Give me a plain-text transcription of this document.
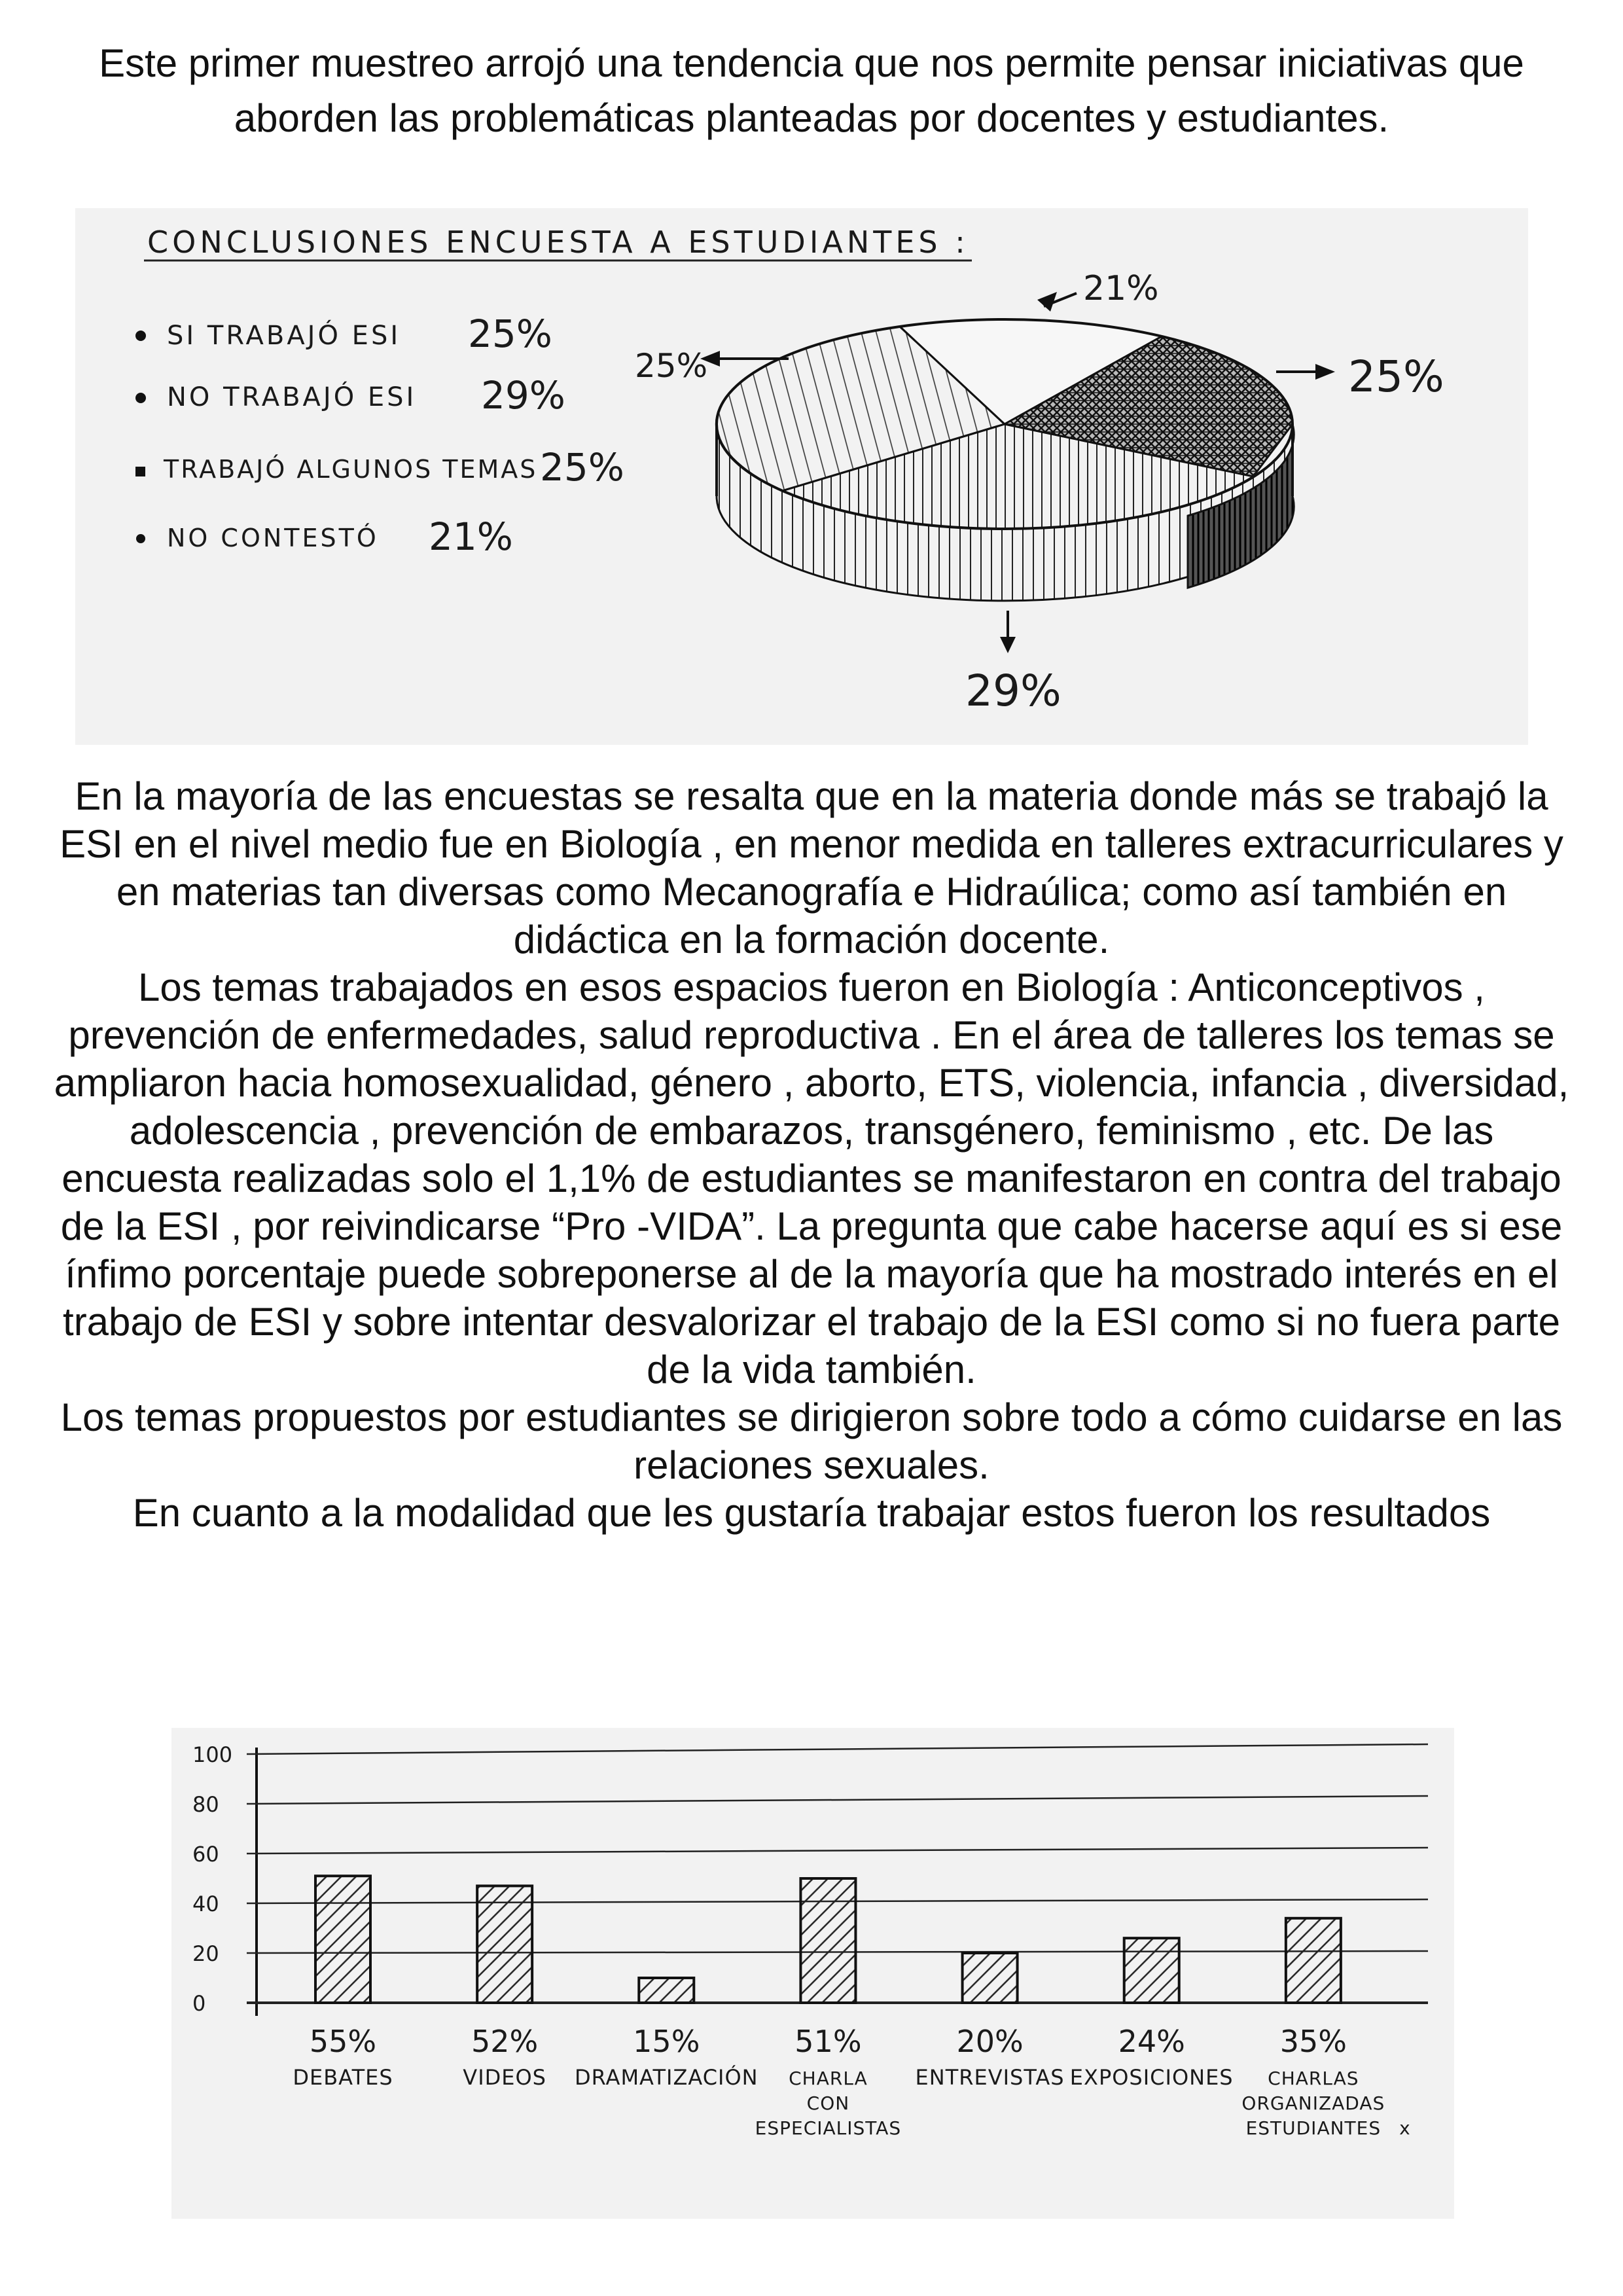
Este primer muestreo arrojó una tendencia que nos permite pensar iniciativas que
aborden las problemáticas planteadas por docentes y estudiantes.
CONCLUSIONES ENCUESTA A ESTUDIANTES :
SI TRABAJÓ ESI 25%
NO TRABAJÓ ESI 29%
TRABAJÓ ALGUNOS TEMAS 25%
NO CONTESTÓ 21%
21%
25%
25%
29%

En la mayoría de las encuestas se resalta que en la materia donde más se trabajó la ESI en el nivel medio fue en Biología , en menor medida en talleres extracurriculares y en materias tan diversas como Mecanografía e Hidraúlica; como así también en didáctica en la formación docente.

Los temas trabajados en esos espacios fueron en Biología : Anticonceptivos , prevención de enfermedades, salud reproductiva . En el área de talleres los temas se ampliaron hacia homosexualidad, género , aborto, ETS, violencia, infancia , diversidad, adolescencia , prevención de embarazos, transgénero, feminismo , etc. De las encuesta realizadas solo el 1,1% de estudiantes se manifestaron en contra del trabajo de la ESI , por reivindicarse “Pro -VIDA”. La pregunta que cabe hacerse aquí es si ese ínfimo porcentaje puede sobreponerse al de la mayoría que ha mostrado interés en el trabajo de ESI y sobre intentar desvalorizar el trabajo de la ESI como si no fuera parte de la vida también.

Los temas propuestos por estudiantes se dirigieron sobre todo a cómo cuidarse en las relaciones sexuales.

En cuanto a la modalidad que les gustaría trabajar estos fueron los resultados

0
20
40
60
80
100
55%
DEBATES
52%
VIDEOS
15%
DRAMATIZACIÓN
51%
CHARLA
CON
ESPECIALISTAS
20%
ENTREVISTAS
24%
EXPOSICIONES
35%
CHARLAS
ORGANIZADAS
ESTUDIANTES x
